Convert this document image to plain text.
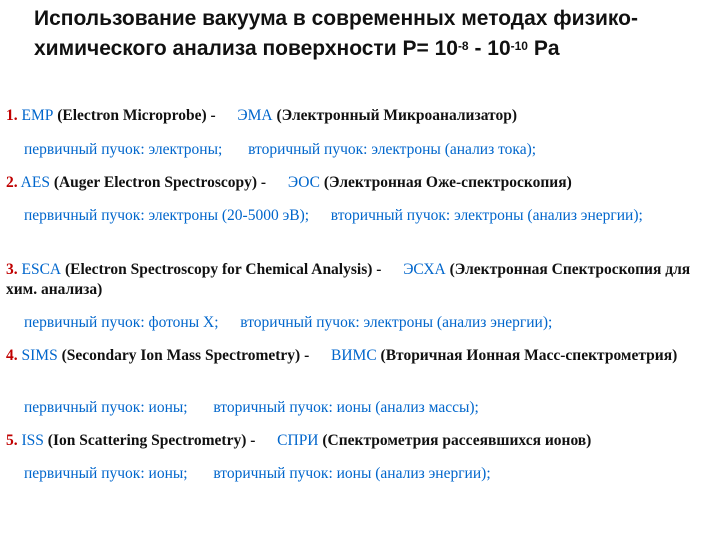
Использование вакуума в современных методах физико-
химического анализа поверхности $P= 10^{-8} - 10^{-10}$ Pa
1. EMP (Electron Microprobe) -  ЭМА (Электронный Микроанализатор)
первичный пучок: электроны; вторичный пучок: электроны (анализ тока);
2. AES (Auger Electron Spectroscopy) -  ЭОС (Электронная Оже-спектроскопия)
первичный пучок: электроны (20-5000 эВ); вторичный пучок: электроны (анализ энергии);
3. ESCA (Electron Spectroscopy for Chemical Analysis) -  ЭСХА (Электронная Спектроскопия для хим. анализа)
первичный пучок: фотоны X; вторичный пучок: электроны (анализ энергии);
4. SIMS (Secondary Ion Mass Spectrometry) -  ВИМС (Вторичная Ионная Масс-спектрометрия)
первичный пучок: ионы; вторичный пучок: ионы (анализ массы);
5. ISS (Ion Scattering Spectrometry) -  СПРИ (Спектрометрия рассеявшихся ионов)
первичный пучок: ионы; вторичный пучок: ионы (анализ энергии);
